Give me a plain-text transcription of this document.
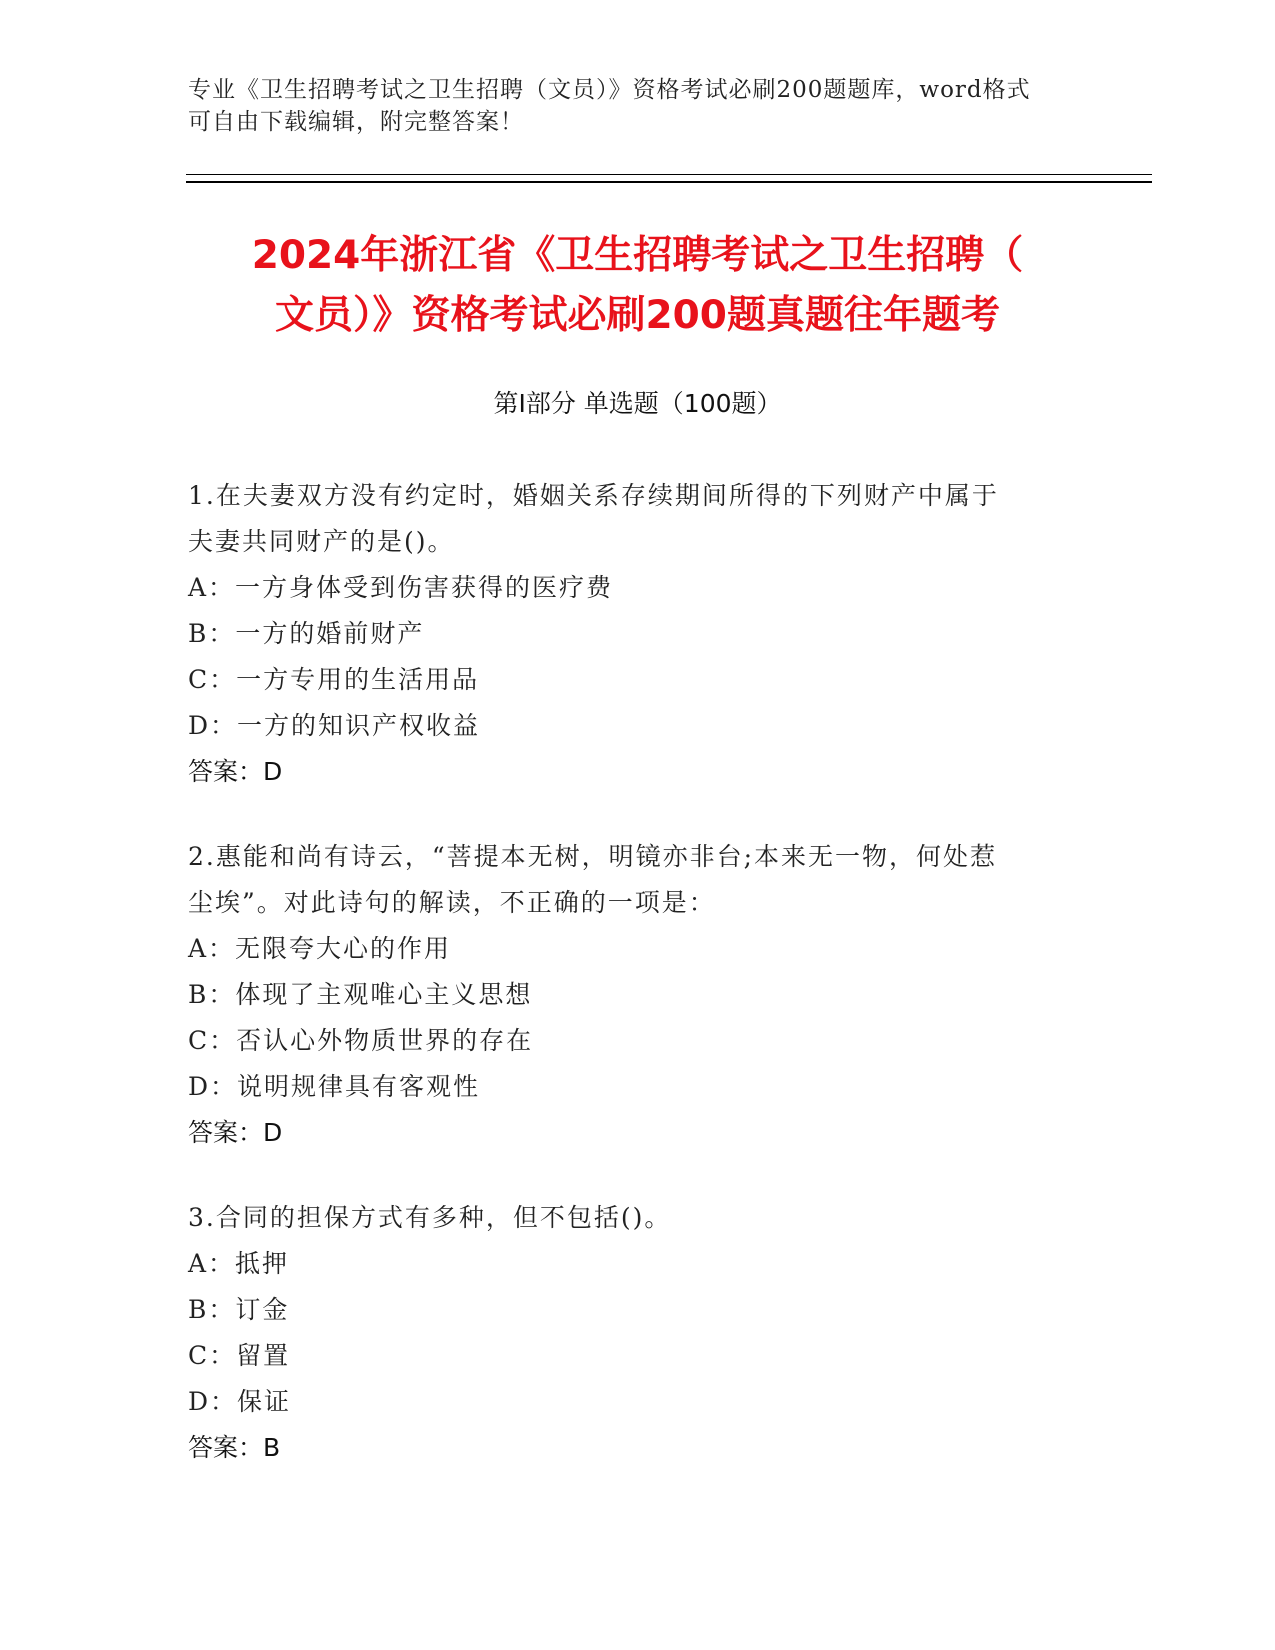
专业《卫生招聘考试之卫生招聘（文员）》资格考试必刷200题题库，word格式
可自由下载编辑，附完整答案！
2024年浙江省《卫生招聘考试之卫生招聘（
文员）》资格考试必刷200题真题往年题考
第Ⅰ部分 单选题（100题）
1.在夫妻双方没有约定时，婚姻关系存续期间所得的下列财产中属于
夫妻共同财产的是()。
A：一方身体受到伤害获得的医疗费
B：一方的婚前财产
C：一方专用的生活用品
D：一方的知识产权收益
答案：D
2.惠能和尚有诗云，“菩提本无树，明镜亦非台;本来无一物，何处惹
尘埃”。对此诗句的解读，不正确的一项是：
A：无限夸大心的作用
B：体现了主观唯心主义思想
C：否认心外物质世界的存在
D：说明规律具有客观性
答案：D
3.合同的担保方式有多种，但不包括()。
A：抵押
B：订金
C：留置
D：保证
答案：B
